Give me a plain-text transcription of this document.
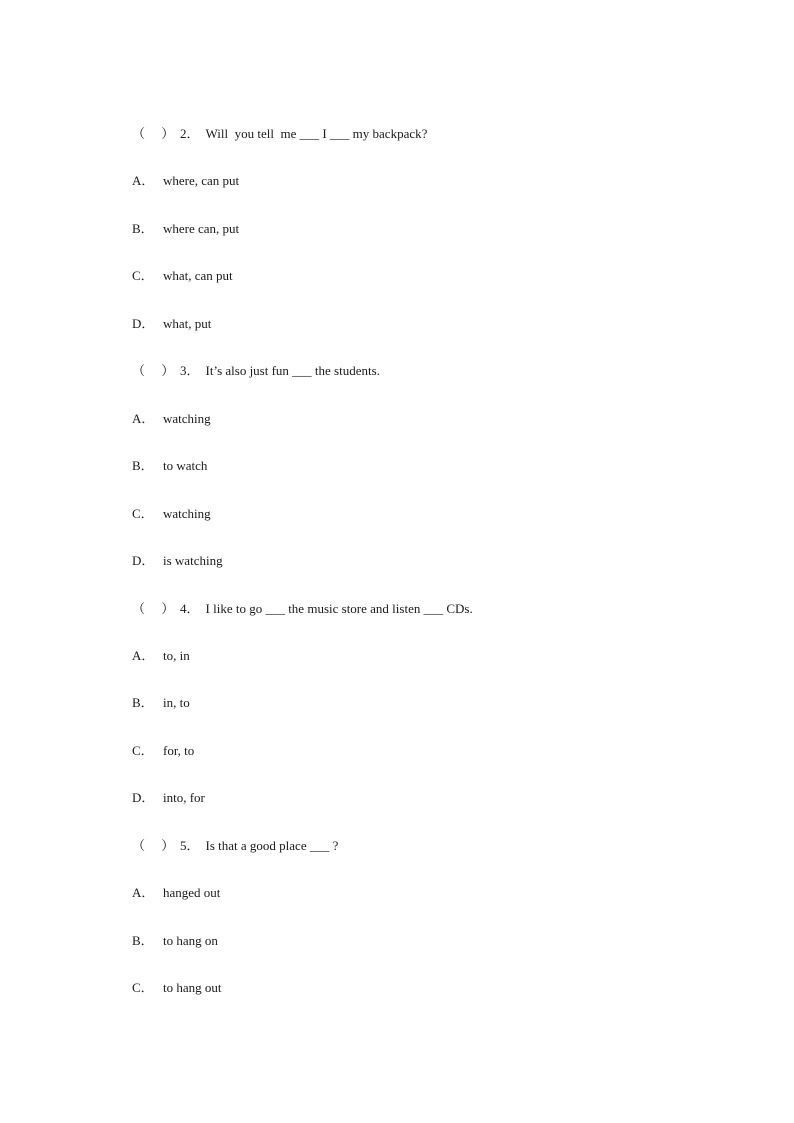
（     ） 2． Will  you tell  me ___ I ___ my backpack?

A． where, can put

B． where can, put

C． what, can put

D． what, put

（     ） 3． It’s also just fun ___ the students.

A． watching

B． to watch

C． watching

D． is watching

（     ） 4． I like to go ___ the music store and listen ___ CDs.

A． to, in

B． in, to

C． for, to

D． into, for

（     ） 5． Is that a good place ___ ?

A． hanged out

B． to hang on

C． to hang out
